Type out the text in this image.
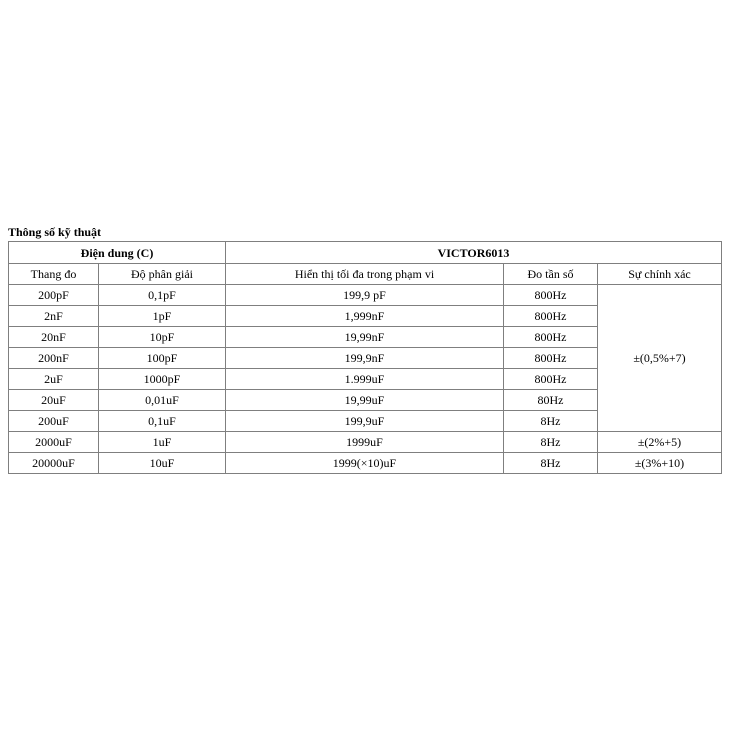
Thông số kỹ thuật
Điện dung (C)		VICTOR6013		
Thang đo	Độ phân giải	Hiển thị tối đa trong phạm vi	Đo tần số	Sự chính xác
200pF	0,1pF	199,9 pF	800Hz	±(0,5%+7)
2nF	1pF	1,999nF	800Hz	
20nF	10pF	19,99nF	800Hz	
200nF	100pF	199,9nF	800Hz	
2uF	1000pF	1.999uF	800Hz	
20uF	0,01uF	19,99uF	80Hz	
200uF	0,1uF	199,9uF	8Hz	
2000uF	1uF	1999uF	8Hz	±(2%+5)
20000uF	10uF	1999(×10)uF	8Hz	±(3%+10)
